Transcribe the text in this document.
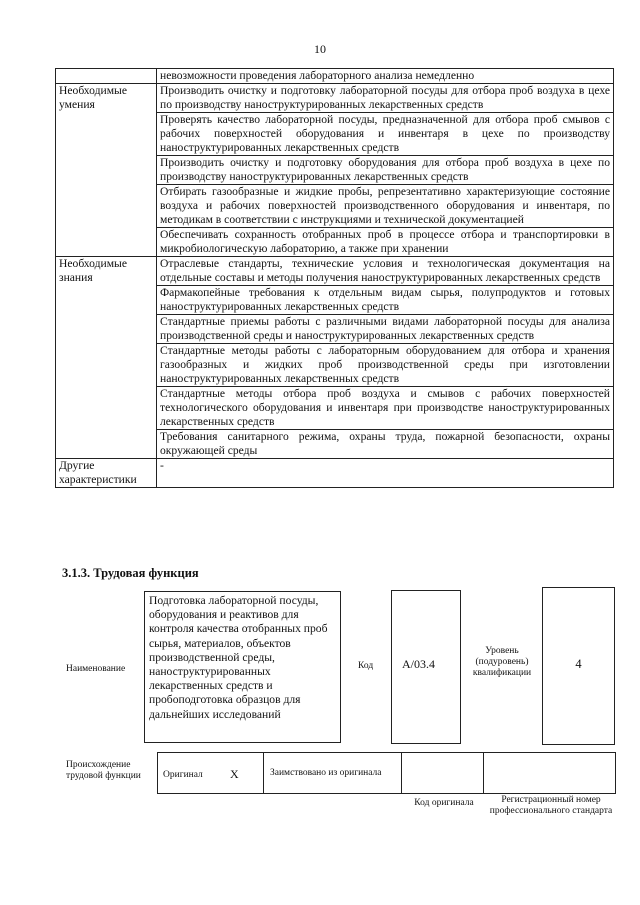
10
	невозможности проведения лабораторного анализа немедленно
Необходимые умения	Производить очистку и подготовку лабораторной посуды для отбора проб воздуха в цехе по производству наноструктурированных лекарственных средств
	Проверять качество лабораторной посуды, предназначенной для отбора проб смывов с рабочих поверхностей оборудования и инвентаря в цехе по производству наноструктурированных лекарственных средств
	Производить очистку и подготовку оборудования для отбора проб воздуха в цехе по производству наноструктурированных лекарственных средств
	Отбирать газообразные и жидкие пробы, репрезентативно характеризующие состояние воздуха и рабочих поверхностей производственного оборудования и инвентаря, по методикам в соответствии с инструкциями и технической документацией
	Обеспечивать сохранность отобранных проб в процессе отбора и транспортировки в микробиологическую лабораторию, а также при хранении
Необходимые знания	Отраслевые стандарты, технические условия и технологическая документация на отдельные составы и методы получения наноструктурированных лекарственных средств
	Фармакопейные требования к отдельным видам сырья, полупродуктов и готовых наноструктурированных лекарственных средств
	Стандартные приемы работы с различными видами лабораторной посуды для анализа производственной среды и наноструктурированных лекарственных средств
	Стандартные методы работы с лабораторным оборудованием для отбора и хранения газообразных и жидких проб производственной среды при изготовлении наноструктурированных лекарственных средств
	Стандартные методы отбора проб воздуха и смывов с рабочих поверхностей технологического оборудования и инвентаря при производстве наноструктурированных лекарственных средств
	Требования санитарного режима, охраны труда, пожарной безопасности, охраны окружающей среды
Другие характеристики	-
3.1.3. Трудовая функция
Наименование
Подготовка лабораторной посуды, оборудования и реактивов для контроля качества отобранных проб сырья, материалов, объектов производственной среды, наноструктурированных лекарственных средств и пробоподготовка образцов для дальнейших исследований
Код	А/03.4
Уровень (подуровень) квалификации
4
Происхождение трудовой функции	Оригинал X	Заимствовано из оригинала
Код оригинала	Регистрационный номер профессионального стандарта
